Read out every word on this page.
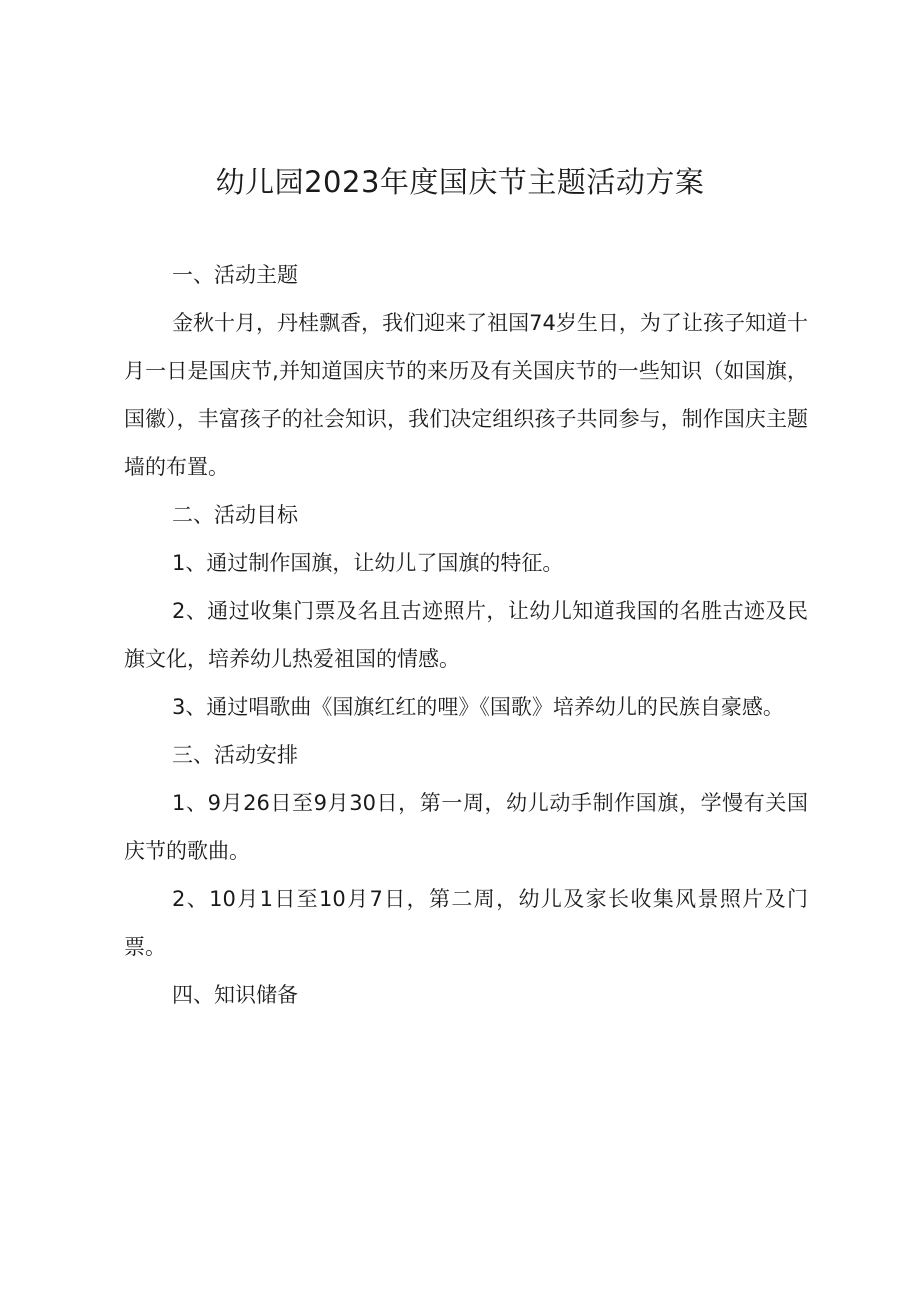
幼儿园2023年度国庆节主题活动方案
一、活动主题

金秋十月，丹桂飘香，我们迎来了祖国74岁生日，为了让孩子知道十月一日是国庆节,并知道国庆节的来历及有关国庆节的一些知识（如国旗，国徽），丰富孩子的社会知识，我们决定组织孩子共同参与，制作国庆主题墙的布置。

二、活动目标

1、通过制作国旗，让幼儿了国旗的特征。

2、通过收集门票及名且古迹照片，让幼儿知道我国的名胜古迹及民旗文化，培养幼儿热爱祖国的情感。

3、通过唱歌曲《国旗红红的哩》《国歌》培养幼儿的民族自豪感。

三、活动安排

1、9月26日至9月30日，第一周，幼儿动手制作国旗，学慢有关国庆节的歌曲。

2、10月1日至10月7日，第二周，幼儿及家长收集风景照片及门票。

四、知识储备
